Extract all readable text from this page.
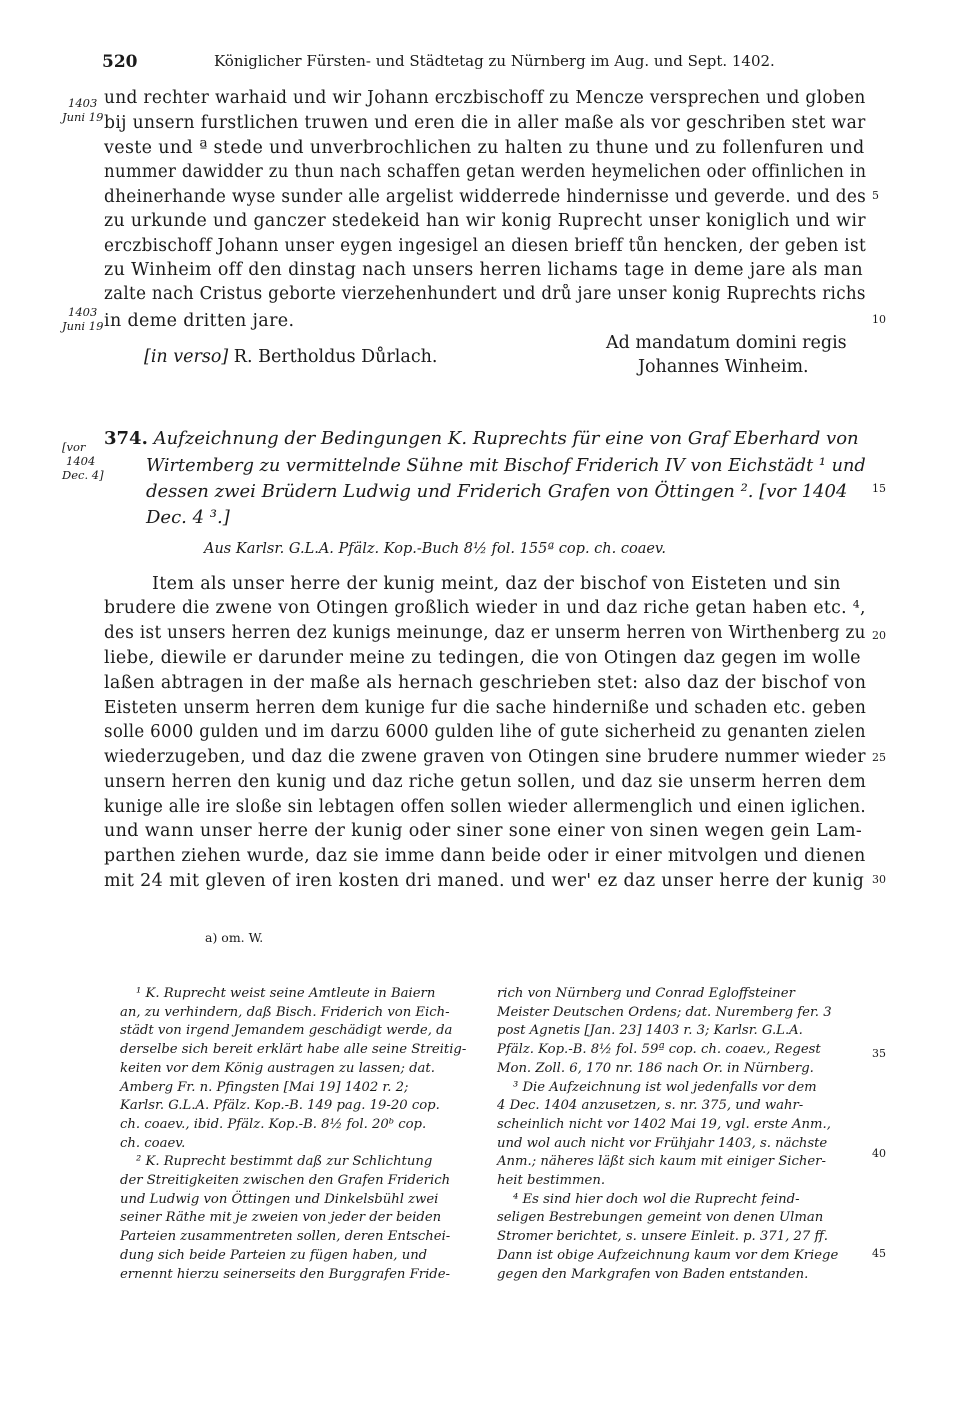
520	Königlicher Fürsten- und Städtetag zu Nürnberg im Aug. und Sept. 1402.
1403
Juni 19
1403
Juni 19
[vor
1404
Dec. 4]
5
10
15
20
25
30
35
40
45
und rechter warhaid und wir Johann erczbischoff zu Mencze versprechen und globen
bij unsern furstlichen truwen und eren die in aller maße als vor geschriben stet war
veste und ª stede und unverbrochlichen zu halten zu thune und zu follenfuren und
nummer dawidder zu thun nach schaffen getan werden heymelichen oder offinlichen in
dheinerhande wyse sunder alle argelist widderrede hindernisse und geverde. und des
zu urkunde und ganczer stedekeid han wir konig Ruprecht unser koniglich und wir
erczbischoff Johann unser eygen ingesigel an diesen brieff tůn hencken, der geben ist
zu Winheim off den dinstag nach unsers herren lichams tage in deme jare als man
zalte nach Cristus geborte vierzehenhundert und drů jare unser konig Ruprechts richs
in deme dritten jare.
Ad mandatum domini regis
Johannes Winheim.
[in verso] R. Bertholdus Důrlach.
374. Aufzeichnung der Bedingungen K. Ruprechts für eine von Graf Eberhard von
Wirtemberg zu vermittelnde Sühne mit Bischof Friderich IV von Eichstädt ¹ und
dessen zwei Brüdern Ludwig und Friderich Grafen von Öttingen ². [vor 1404
Dec. 4 ³.]
Aus Karlsr. G.L.A. Pfälz. Kop.-Buch 8½ fol. 155ª cop. ch. coaev.
Item als unser herre der kunig meint, daz der bischof von Eisteten und sin
brudere die zwene von Otingen großlich wieder in und daz riche getan haben etc. ⁴,
des ist unsers herren dez kunigs meinunge, daz er unserm herren von Wirthenberg zu
liebe, diewile er darunder meine zu tedingen, die von Otingen daz gegen im wolle
laßen abtragen in der maße als hernach geschrieben stet: also daz der bischof von
Eisteten unserm herren dem kunige fur die sache hinderniße und schaden etc. geben
solle 6000 gulden und im darzu 6000 gulden lihe of gute sicherheid zu genanten zielen
wiederzugeben, und daz die zwene graven von Otingen sine brudere nummer wieder
unsern herren den kunig und daz riche getun sollen, und daz sie unserm herren dem
kunige alle ire sloße sin lebtagen offen sollen wieder allermenglich und einen iglichen.
und wann unser herre der kunig oder siner sone einer von sinen wegen gein Lam-
parthen ziehen wurde, daz sie imme dann beide oder ir einer mitvolgen und dienen
mit 24 mit gleven of iren kosten dri maned. und wer' ez daz unser herre der kunig
a) om. W.
¹ K. Ruprecht weist seine Amtleute in Baiern
an, zu verhindern, daß Bisch. Friderich von Eich-
städt von irgend Jemandem geschädigt werde, da
derselbe sich bereit erklärt habe alle seine Streitig-
keiten vor dem König austragen zu lassen; dat.
Amberg Fr. n. Pfingsten [Mai 19] 1402 r. 2;
Karlsr. G.L.A. Pfälz. Kop.-B. 149 pag. 19-20 cop.
ch. coaev., ibid. Pfälz. Kop.-B. 8½ fol. 20ᵇ cop.
ch. coaev.
² K. Ruprecht bestimmt daß zur Schlichtung
der Streitigkeiten zwischen den Grafen Friderich
und Ludwig von Öttingen und Dinkelsbühl zwei
seiner Räthe mit je zweien von jeder der beiden
Parteien zusammentreten sollen, deren Entschei-
dung sich beide Parteien zu fügen haben, und
ernennt hierzu seinerseits den Burggrafen Fride-
rich von Nürnberg und Conrad Egloffsteiner
Meister Deutschen Ordens; dat. Nuremberg fer. 3
post Agnetis [Jan. 23] 1403 r. 3; Karlsr. G.L.A.
Pfälz. Kop.-B. 8½ fol. 59ª cop. ch. coaev., Regest
Mon. Zoll. 6, 170 nr. 186 nach Or. in Nürnberg.
³ Die Aufzeichnung ist wol jedenfalls vor dem
4 Dec. 1404 anzusetzen, s. nr. 375, und wahr-
scheinlich nicht vor 1402 Mai 19, vgl. erste Anm.,
und wol auch nicht vor Frühjahr 1403, s. nächste
Anm.; näheres läßt sich kaum mit einiger Sicher-
heit bestimmen.
⁴ Es sind hier doch wol die Ruprecht feind-
seligen Bestrebungen gemeint von denen Ulman
Stromer berichtet, s. unsere Einleit. p. 371, 27 ff.
Dann ist obige Aufzeichnung kaum vor dem Kriege
gegen den Markgrafen von Baden entstanden.
